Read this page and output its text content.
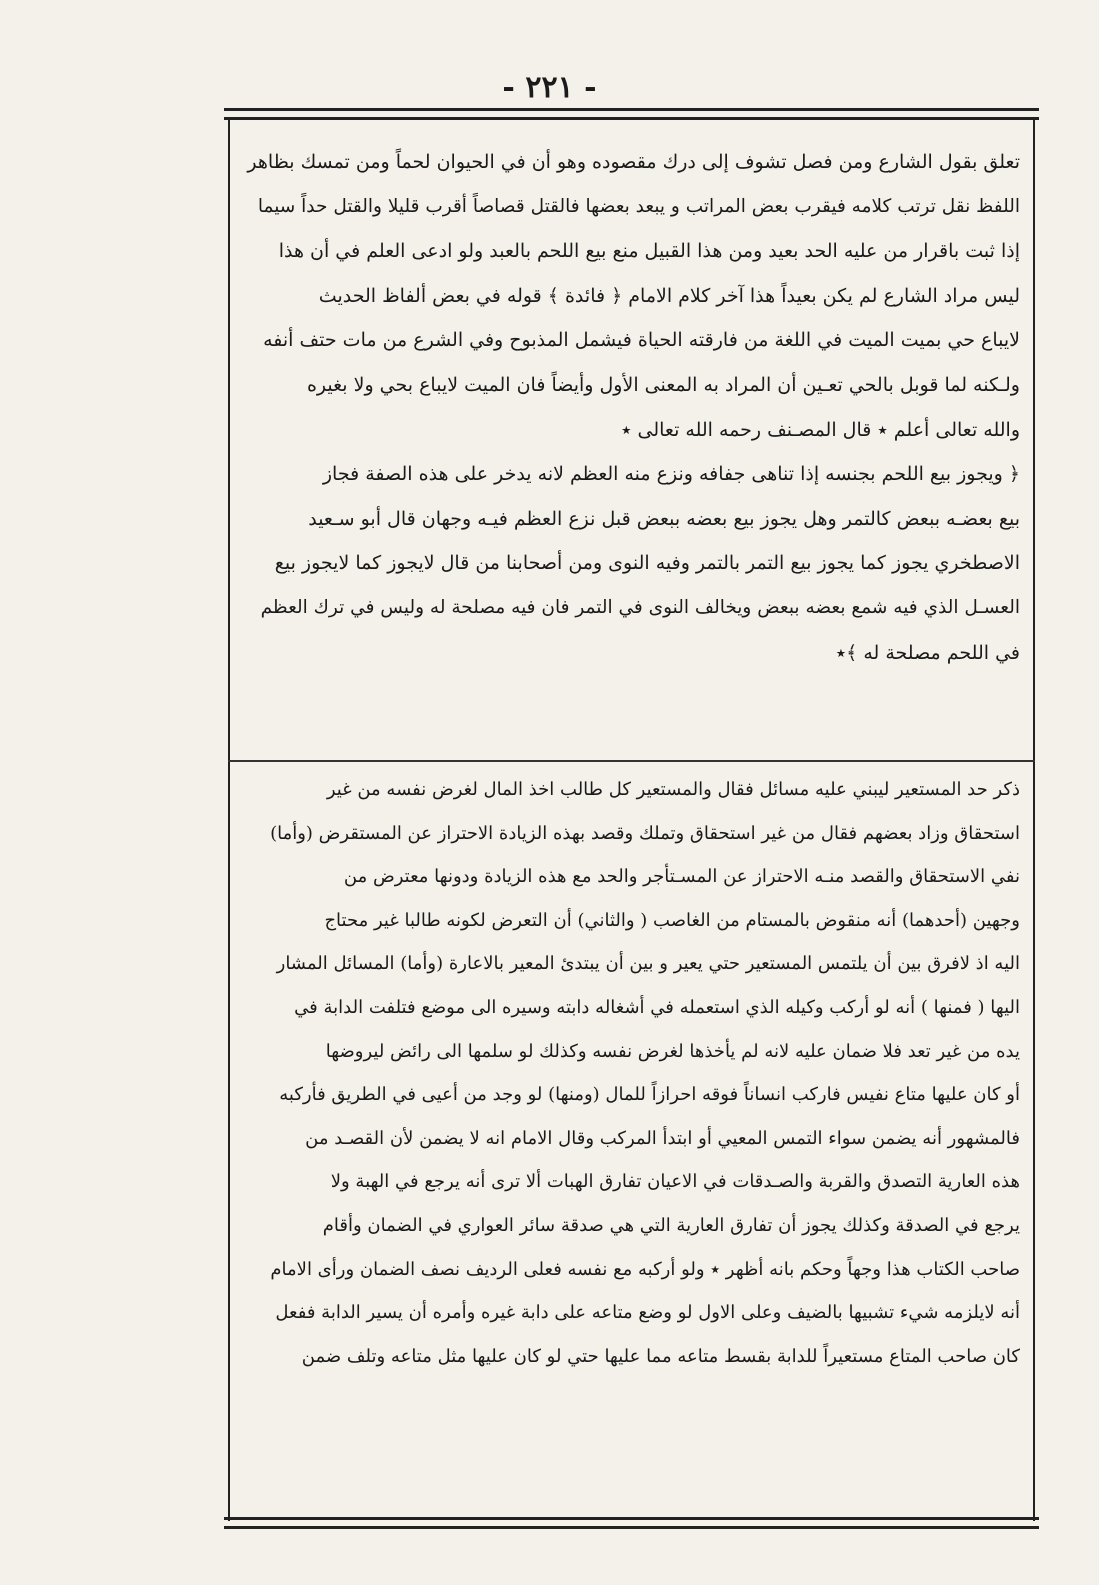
- ٢٢١ -
تعلق بقول الشارع ومن فصل تشوف إلى درك مقصوده وهو أن في الحيوان لحماً ومن تمسك بظاهر
اللفظ نقل ترتب كلامه فيقرب بعض المراتب و يبعد بعضها فالقتل قصاصاً أقرب قليلا والقتل حداً سيما
إذا ثبت باقرار من عليه الحد بعيد ومن هذا القبيل منع بيع اللحم بالعبد ولو ادعى العلم في أن هذا
ليس مراد الشارع لم يكن بعيداً هذا آخر كلام الامام ﴿ فائدة ﴾ قوله في بعض ألفاظ الحديث
لايباع حي بميت الميت في اللغة من فارقته الحياة فيشمل المذبوح وفي الشرع من مات حتف أنفه
ولـكنه لما قوبل بالحي تعـين أن المراد به المعنى الأول وأيضاً فان الميت لايباع بحي ولا بغيره
والله تعالى أعلم ٭ قال المصـنف رحمه الله تعالى ٭
﴿ ويجوز بيع اللحم بجنسه إذا تناهى جفافه ونزع منه العظم لانه يدخر على هذه الصفة فجاز
بيع بعضـه ببعض كالتمر وهل يجوز بيع بعضه ببعض قبل نزع العظم فيـه وجهان قال أبو سـعيد
الاصطخري يجوز كما يجوز بيع التمر بالتمر وفيه النوى ومن أصحابنا من قال لايجوز كما لايجوز بيع
العسـل الذي فيه شمع بعضه ببعض ويخالف النوى في التمر فان فيه مصلحة له وليس في ترك العظم
في اللحم مصلحة له ﴾٭
ذكر حد المستعير ليبني عليه مسائل فقال والمستعير كل طالب اخذ المال لغرض نفسه من غير
استحقاق وزاد بعضهم فقال من غير استحقاق وتملك وقصد بهذه الزيادة الاحتراز عن المستقرض (وأما)
نفي الاستحقاق والقصد منـه الاحتراز عن المسـتأجر والحد مع هذه الزيادة ودونها معترض من
وجهين (أحدهما) أنه منقوض بالمستام من الغاصب ( والثاني) أن التعرض لكونه طالبا غير محتاج
اليه اذ لافرق بين أن يلتمس المستعير حتي يعير و بين أن يبتدئ المعير بالاعارة (وأما) المسائل المشار
اليها ( فمنها ) أنه لو أركب وكيله الذي استعمله في أشغاله دابته وسيره الى موضع فتلفت الدابة في
يده من غير تعد فلا ضمان عليه لانه لم يأخذها لغرض نفسه وكذلك لو سلمها الى رائض ليروضها
أو كان عليها متاع نفيس فاركب انساناً فوقه احرازاً للمال (ومنها) لو وجد من أعيى في الطريق فأركبه
فالمشهور أنه يضمن سواء التمس المعيي أو ابتدأ المركب وقال الامام انه لا يضمن لأن القصـد من
هذه العارية التصدق والقربة والصـدقات في الاعيان تفارق الهبات ألا ترى أنه يرجع في الهبة ولا
يرجع في الصدقة وكذلك يجوز أن تفارق العارية التي هي صدقة سائر العواري في الضمان وأقام
صاحب الكتاب هذا وجهاً وحكم بانه أظهر ٭ ولو أركبه مع نفسه فعلى الرديف نصف الضمان ورأى الامام
أنه لايلزمه شيء تشبيها بالضيف وعلى الاول لو وضع متاعه على دابة غيره وأمره أن يسير الدابة ففعل
كان صاحب المتاع مستعيراً للدابة بقسط متاعه مما عليها حتي لو كان عليها مثل متاعه وتلف ضمن
